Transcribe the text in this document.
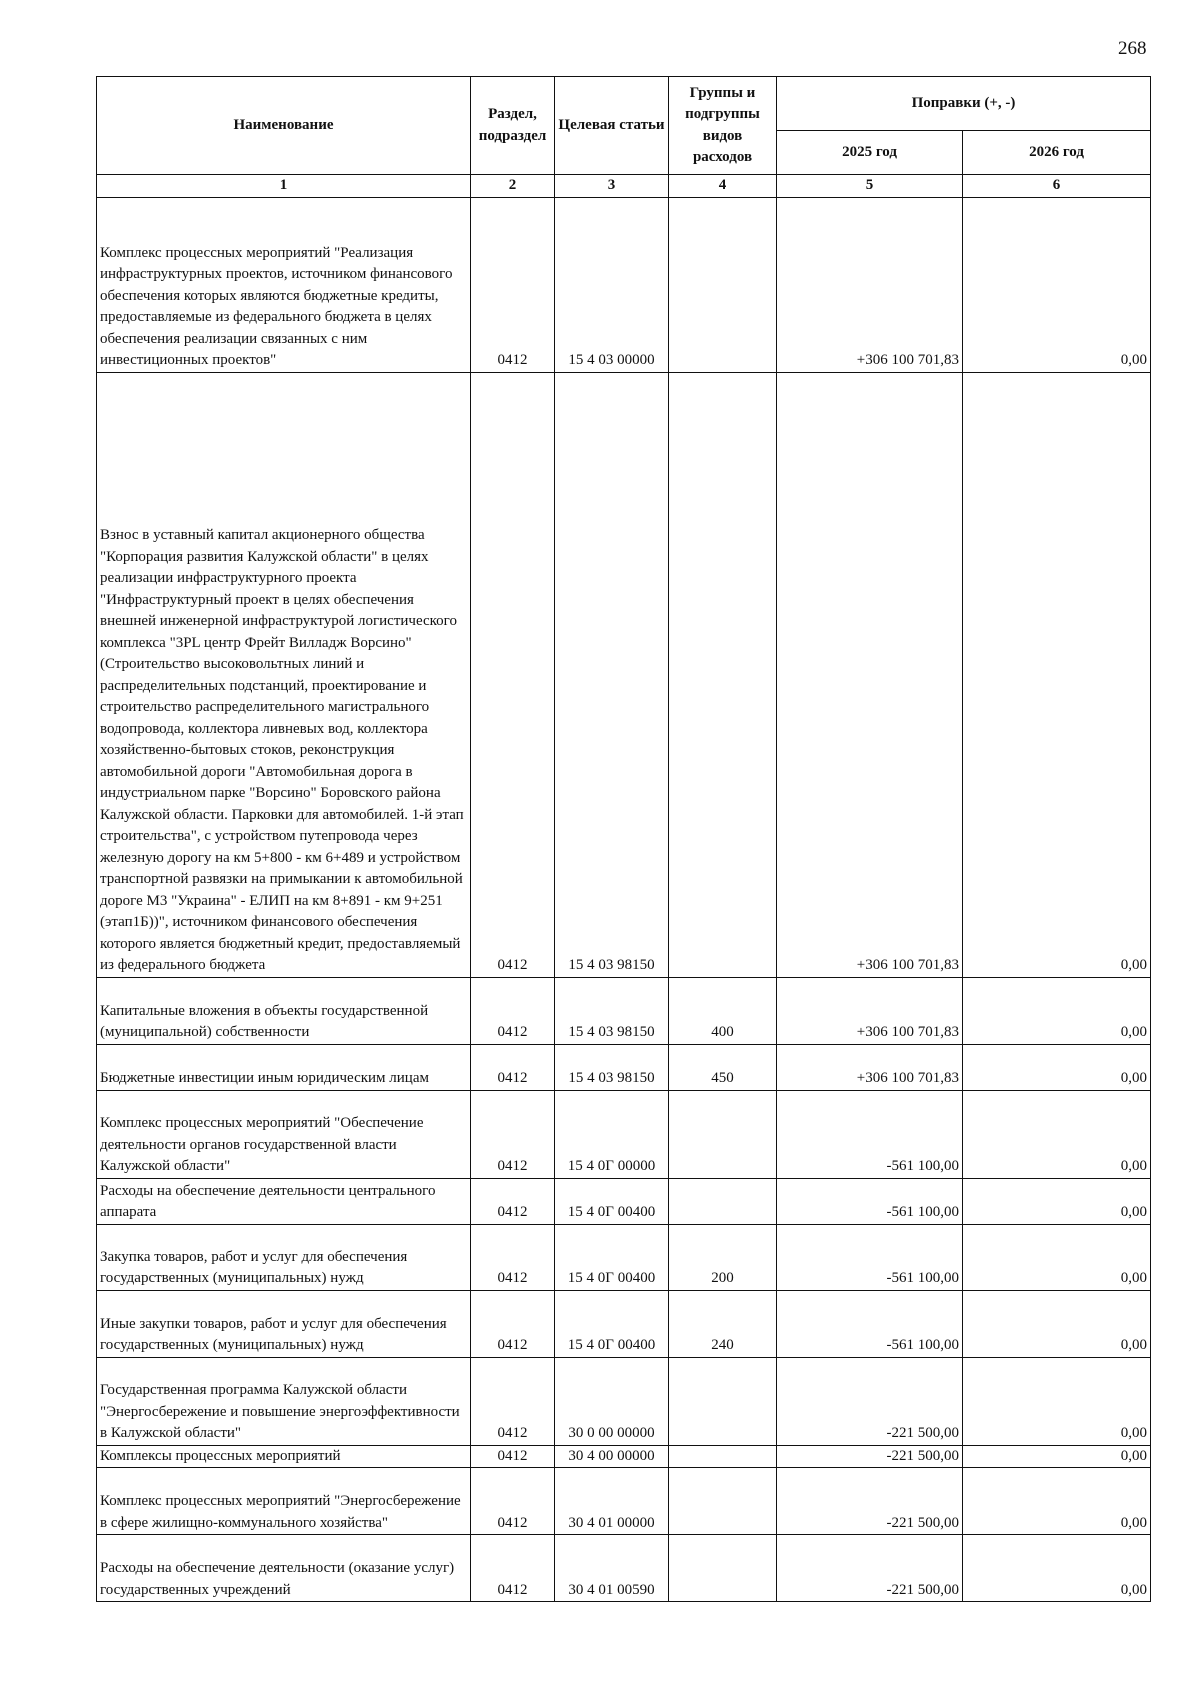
268
Наименование	Раздел, подраздел	Целевая статьи	Группы и подгруппы видов расходов	Поправки (+, -)	
				2025 год	2026 год
1	2	3	4	5	6
Комплекс процессных мероприятий "Реализация инфраструктурных проектов, источником финансового обеспечения которых являются бюджетные кредиты, предоставляемые из федерального бюджета в целях обеспечения реализации связанных с ним инвестиционных проектов"	0412	15 4 03 00000		+306 100 701,83	0,00
Взнос в уставный капитал акционерного общества "Корпорация развития Калужской области" в целях реализации инфраструктурного проекта "Инфраструктурный проект в целях обеспечения внешней инженерной инфраструктурой логистического комплекса "3PL центр Фрейт Вилладж Ворсино" (Строительство высоковольтных линий и распределительных подстанций, проектирование и строительство распределительного магистрального водопровода, коллектора ливневых вод, коллектора хозяйственно-бытовых стоков, реконструкция автомобильной дороги "Автомобильная дорога в индустриальном парке "Ворсино" Боровского района Калужской области. Парковки для автомобилей. 1-й этап строительства", с устройством путепровода через железную дорогу на км 5+800 - км 6+489 и устройством транспортной развязки на примыкании к автомобильной дороге М3 "Украина" - ЕЛИП на км 8+891 - км 9+251 (этап1Б))", источником финансового обеспечения которого является бюджетный кредит, предоставляемый из федерального бюджета	0412	15 4 03 98150		+306 100 701,83	0,00
Капитальные вложения в объекты государственной (муниципальной) собственности	0412	15 4 03 98150	400	+306 100 701,83	0,00
Бюджетные инвестиции иным юридическим лицам	0412	15 4 03 98150	450	+306 100 701,83	0,00
Комплекс процессных мероприятий "Обеспечение деятельности органов государственной власти Калужской области"	0412	15 4 0Г 00000		-561 100,00	0,00
Расходы на обеспечение деятельности центрального аппарата	0412	15 4 0Г 00400		-561 100,00	0,00
Закупка товаров, работ и услуг для обеспечения государственных (муниципальных) нужд	0412	15 4 0Г 00400	200	-561 100,00	0,00
Иные закупки товаров, работ и услуг для обеспечения государственных (муниципальных) нужд	0412	15 4 0Г 00400	240	-561 100,00	0,00
Государственная программа Калужской области "Энергосбережение и повышение энергоэффективности в Калужской области"	0412	30 0 00 00000		-221 500,00	0,00
Комплексы процессных мероприятий	0412	30 4 00 00000		-221 500,00	0,00
Комплекс процессных мероприятий "Энергосбережение в сфере жилищно-коммунального хозяйства"	0412	30 4 01 00000		-221 500,00	0,00
Расходы на обеспечение деятельности (оказание услуг) государственных учреждений	0412	30 4 01 00590		-221 500,00	0,00
